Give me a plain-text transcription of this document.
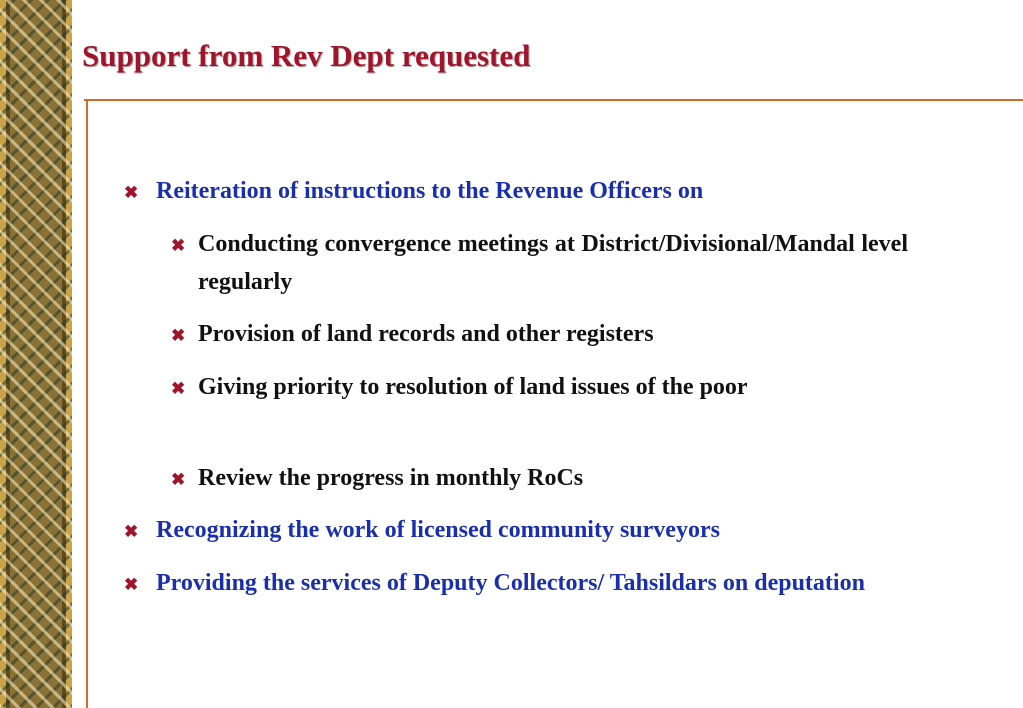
Support from Rev Dept requested
✖ Reiteration of instructions to the Revenue Officers on
✖ Conducting convergence meetings at District/Divisional/Mandal level regularly
✖ Provision of land records and other registers
✖ Giving priority to resolution of land issues of the poor
✖ Review the progress in monthly RoCs
✖ Recognizing the work of licensed community surveyors
✖ Providing the services of Deputy Collectors/ Tahsildars on deputation
